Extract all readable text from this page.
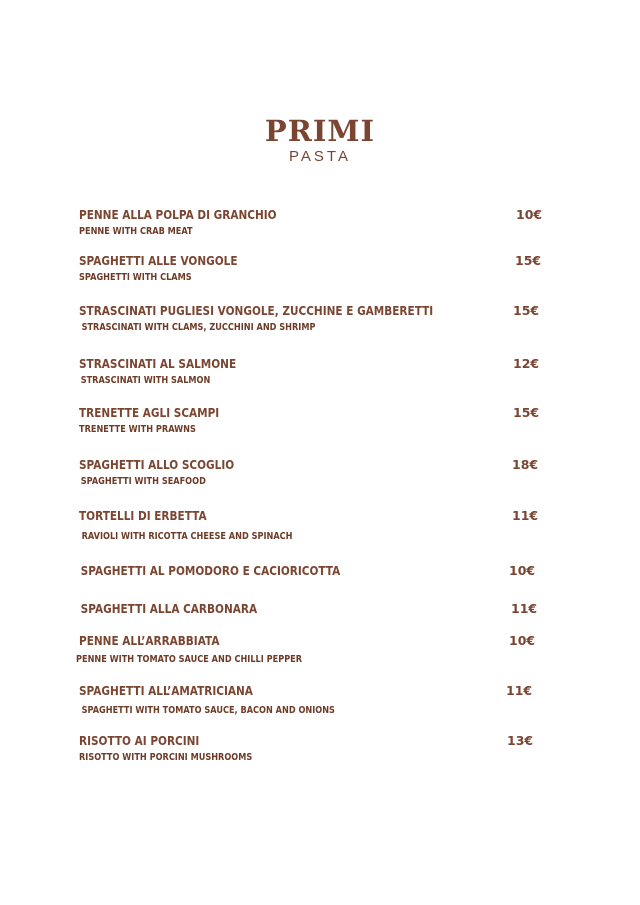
PRIMI
PASTA
PENNE ALLA POLPA DI GRANCHIO
PENNE WITH CRAB MEAT
10€
SPAGHETTI ALLE VONGOLE
SPAGHETTI WITH CLAMS
15€
STRASCINATI PUGLIESI VONGOLE, ZUCCHINE E GAMBERETTI
STRASCINATI WITH CLAMS, ZUCCHINI AND SHRIMP
15€
STRASCINATI AL SALMONE
STRASCINATI WITH SALMON
12€
TRENETTE AGLI SCAMPI
TRENETTE WITH PRAWNS
15€
SPAGHETTI ALLO SCOGLIO
SPAGHETTI WITH SEAFOOD
18€
TORTELLI DI ERBETTA
RAVIOLI WITH RICOTTA CHEESE AND SPINACH
11€
SPAGHETTI AL POMODORO E CACIORICOTTA	10€
SPAGHETTI ALLA CARBONARA	11€
PENNE ALL’ARRABBIATA
PENNE WITH TOMATO SAUCE AND CHILLI PEPPER
10€
SPAGHETTI ALL’AMATRICIANA
SPAGHETTI WITH TOMATO SAUCE, BACON AND ONIONS
11€
RISOTTO AI PORCINI
RISOTTO WITH PORCINI MUSHROOMS
13€
